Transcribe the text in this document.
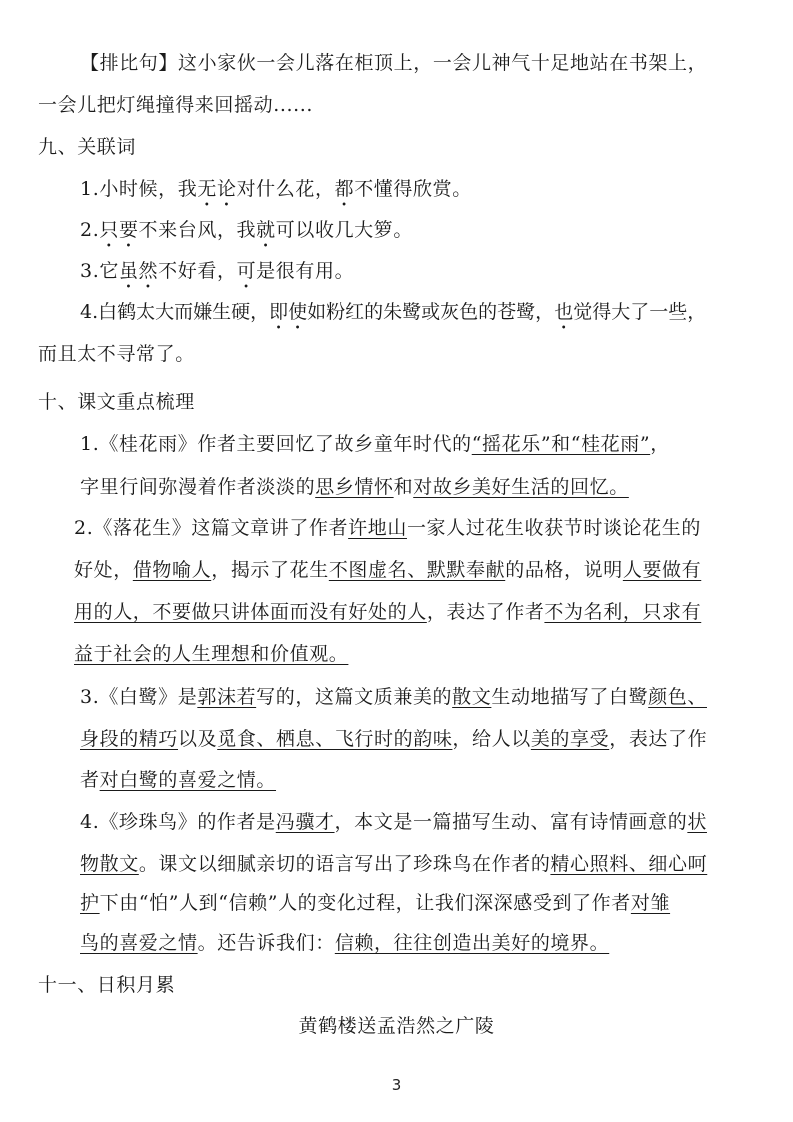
【排比句】这小家伙一会儿落在柜顶上，一会儿神气十足地站在书架上，
一会儿把灯绳撞得来回摇动......
九、关联词
1.小时候，我无论对什么花，都不懂得欣赏。
2.只要不来台风，我就可以收几大箩。
3.它虽然不好看，可是很有用。
4.白鹤太大而嫌生硬，即使如粉红的朱鹭或灰色的苍鹭，也觉得大了一些，
而且太不寻常了。
十、课文重点梳理
1.《桂花雨》作者主要回忆了故乡童年时代的“摇花乐”和“桂花雨”，
字里行间弥漫着作者淡淡的思乡情怀和对故乡美好生活的回忆。
2.《落花生》这篇文章讲了作者许地山一家人过花生收获节时谈论花生的
好处，借物喻人，揭示了花生不图虚名、默默奉献的品格，说明人要做有
用的人，不要做只讲体面而没有好处的人，表达了作者不为名利，只求有
益于社会的人生理想和价值观。
3.《白鹭》是郭沫若写的，这篇文质兼美的散文生动地描写了白鹭颜色、
身段的精巧以及觅食、栖息、飞行时的韵味，给人以美的享受，表达了作
者对白鹭的喜爱之情。
4.《珍珠鸟》的作者是冯骥才，本文是一篇描写生动、富有诗情画意的状
物散文。课文以细腻亲切的语言写出了珍珠鸟在作者的精心照料、细心呵
护下由“怕”人到“信赖”人的变化过程，让我们深深感受到了作者对雏
鸟的喜爱之情。还告诉我们：信赖，往往创造出美好的境界。
十一、日积月累
黄鹤楼送孟浩然之广陵
3
